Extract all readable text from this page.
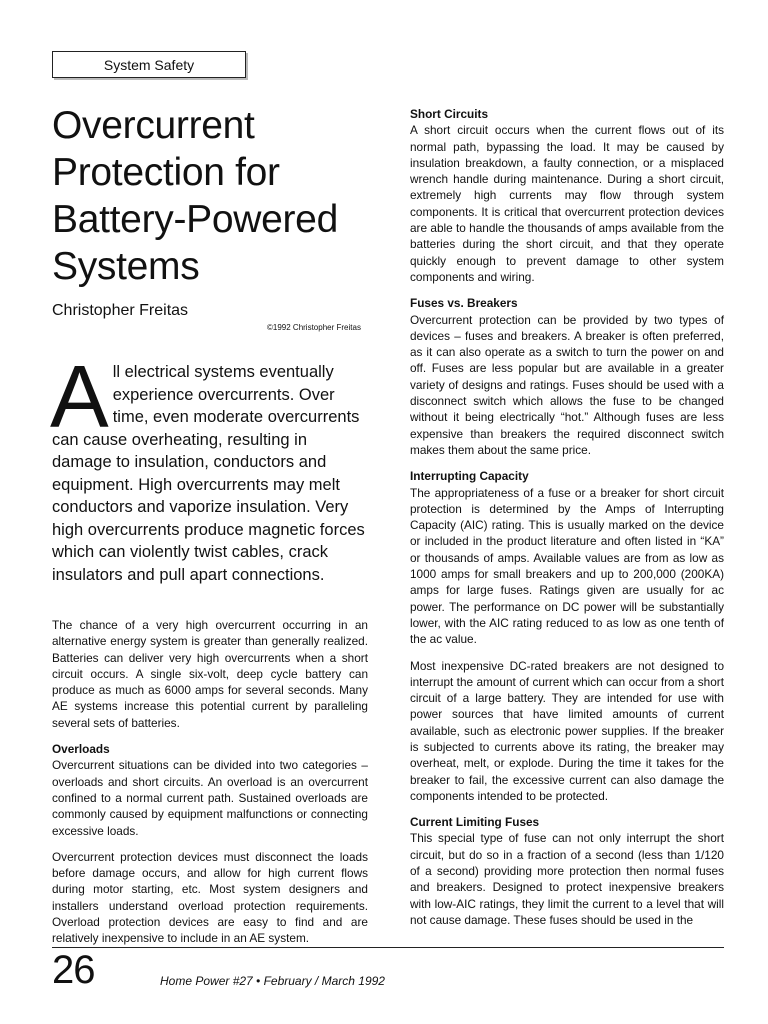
System Safety
Overcurrent
Protection for
Battery-Powered
Systems
Christopher Freitas
©1992 Christopher Freitas
A ll electrical systems eventually experience overcurrents. Over time, even moderate overcurrents can cause overheating, resulting in damage to insulation, conductors and equipment. High overcurrents may melt conductors and vaporize insulation. Very high overcurrents produce magnetic forces which can violently twist cables, crack insulators and pull apart connections.

The chance of a very high overcurrent occurring in an alternative energy system is greater than generally realized. Batteries can deliver very high overcurrents when a short circuit occurs. A single six-volt, deep cycle battery can produce as much as 6000 amps for several seconds. Many AE systems increase this potential current by paralleling several sets of batteries.

Overloads
Overcurrent situations can be divided into two categories – overloads and short circuits. An overload is an overcurrent confined to a normal current path. Sustained overloads are commonly caused by equipment malfunctions or connecting excessive loads.

Overcurrent protection devices must disconnect the loads before damage occurs, and allow for high current flows during motor starting, etc. Most system designers and installers understand overload protection requirements. Overload protection devices are easy to find and are relatively inexpensive to include in an AE system.

Short Circuits
A short circuit occurs when the current flows out of its normal path, bypassing the load. It may be caused by insulation breakdown, a faulty connection, or a misplaced wrench handle during maintenance. During a short circuit, extremely high currents may flow through system components. It is critical that overcurrent protection devices are able to handle the thousands of amps available from the batteries during the short circuit, and that they operate quickly enough to prevent damage to other system components and wiring.

Fuses vs. Breakers
Overcurrent protection can be provided by two types of devices – fuses and breakers. A breaker is often preferred, as it can also operate as a switch to turn the power on and off. Fuses are less popular but are available in a greater variety of designs and ratings. Fuses should be used with a disconnect switch which allows the fuse to be changed without it being electrically “hot.” Although fuses are less expensive than breakers the required disconnect switch makes them about the same price.

Interrupting Capacity
The appropriateness of a fuse or a breaker for short circuit protection is determined by the Amps of Interrupting Capacity (AIC) rating. This is usually marked on the device or included in the product literature and often listed in “KA” or thousands of amps. Available values are from as low as 1000 amps for small breakers and up to 200,000 (200KA) amps for large fuses. Ratings given are usually for ac power. The performance on DC power will be substantially lower, with the AIC rating reduced to as low as one tenth of the ac value.

Most inexpensive DC-rated breakers are not designed to interrupt the amount of current which can occur from a short circuit of a large battery. They are intended for use with power sources that have limited amounts of current available, such as electronic power supplies. If the breaker is subjected to currents above its rating, the breaker may overheat, melt, or explode. During the time it takes for the breaker to fail, the excessive current can also damage the components intended to be protected.

Current Limiting Fuses
This special type of fuse can not only interrupt the short circuit, but do so in a fraction of a second (less than 1/120 of a second) providing more protection then normal fuses and breakers. Designed to protect inexpensive breakers with low-AIC ratings, they limit the current to a level that will not cause damage. These fuses should be used in the

26	Home Power #27 • February / March 1992
